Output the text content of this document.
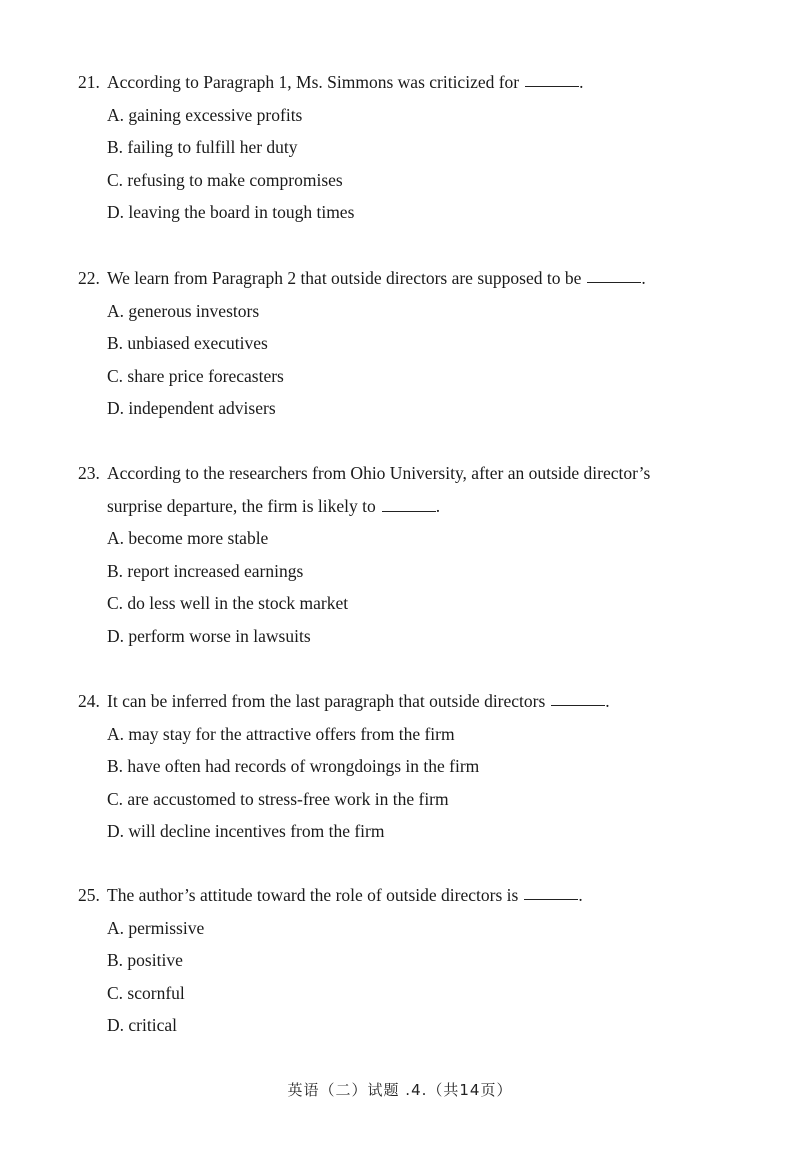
21. According to Paragraph 1, Ms. Simmons was criticized for	.
A. gaining excessive profits
B. failing to fulfill her duty
C. refusing to make compromises
D. leaving the board in tough times
22. We learn from Paragraph 2 that outside directors are supposed to be	.
A. generous investors
B. unbiased executives
C. share price forecasters
D. independent advisers
23. According to the researchers from Ohio University, after an outside director’s
surprise departure, the firm is likely to	.
A. become more stable
B. report increased earnings
C. do less well in the stock market
D. perform worse in lawsuits
24. It can be inferred from the last paragraph that outside directors	.
A. may stay for the attractive offers from the firm
B. have often had records of wrongdoings in the firm
C. are accustomed to stress-free work in the firm
D. will decline incentives from the firm
25. The author’s attitude toward the role of outside directors is	.
A. permissive
B. positive
C. scornful
D. critical
英语（二）试题 .4.（共14页）
